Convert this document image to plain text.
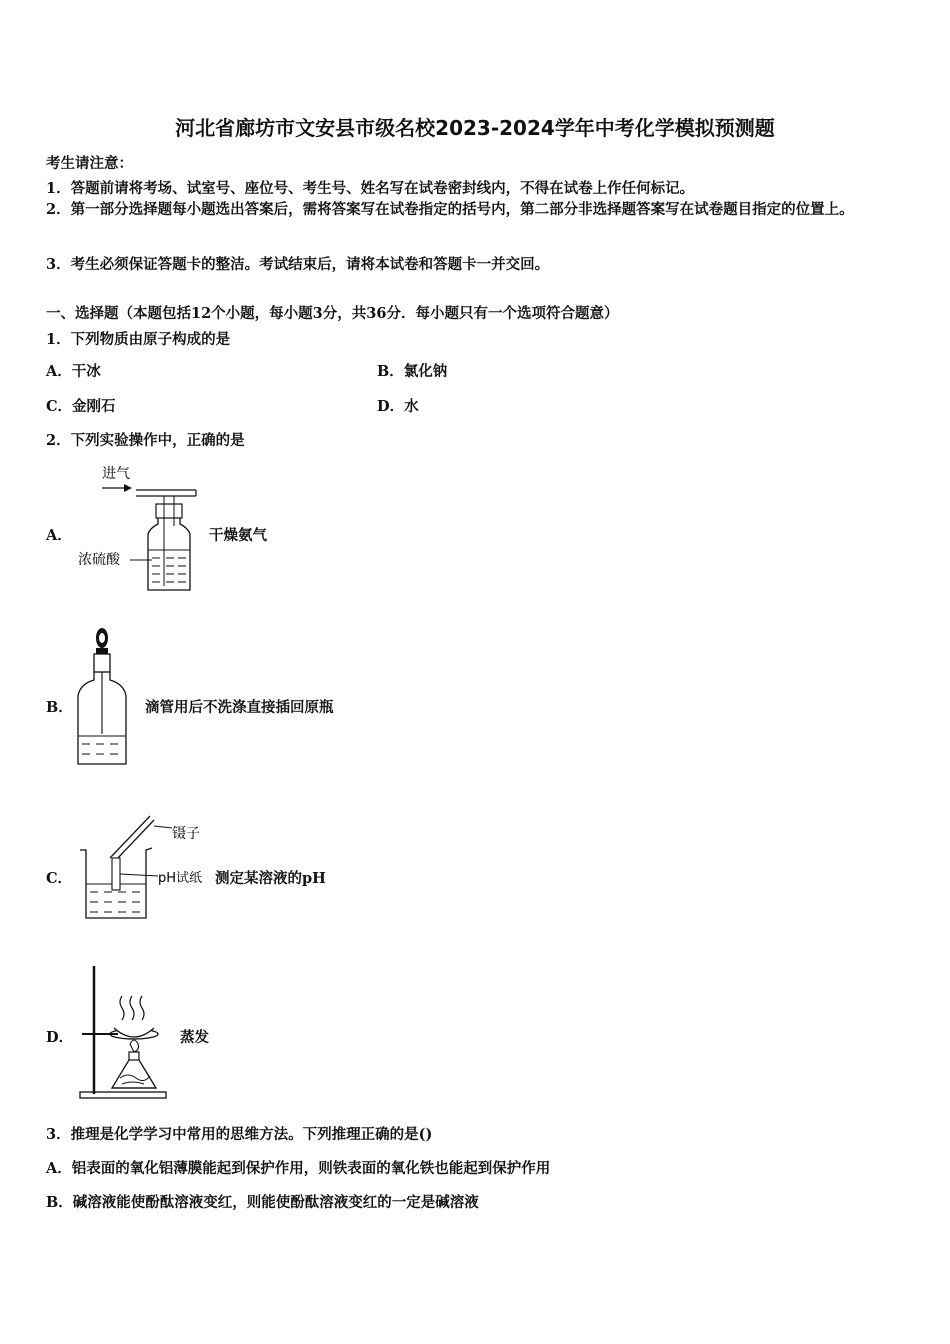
河北省廊坊市文安县市级名校2023-2024学年中考化学模拟预测题
考生请注意：
1．答题前请将考场、试室号、座位号、考生号、姓名写在试卷密封线内，不得在试卷上作任何标记。
2．第一部分选择题每小题选出答案后，需将答案写在试卷指定的括号内，第二部分非选择题答案写在试卷题目指定的位置上。
3．考生必须保证答题卡的整洁。考试结束后，请将本试卷和答题卡一并交回。
一、选择题（本题包括12个小题，每小题3分，共36分．每小题只有一个选项符合题意）
1．下列物质由原子构成的是
A．干冰	B．氯化钠
C．金刚石	D．水
2．下列实验操作中，正确的是
A．
进气
浓硫酸
干燥氨气
B．	滴管用后不洗涤直接插回原瓶
C．
镊子
pH试纸 测定某溶液的pH
D．	蒸发
3．推理是化学学习中常用的思维方法。下列推理正确的是()
A．铝表面的氧化铝薄膜能起到保护作用，则铁表面的氧化铁也能起到保护作用
B．碱溶液能使酚酞溶液变红，则能使酚酞溶液变红的一定是碱溶液
